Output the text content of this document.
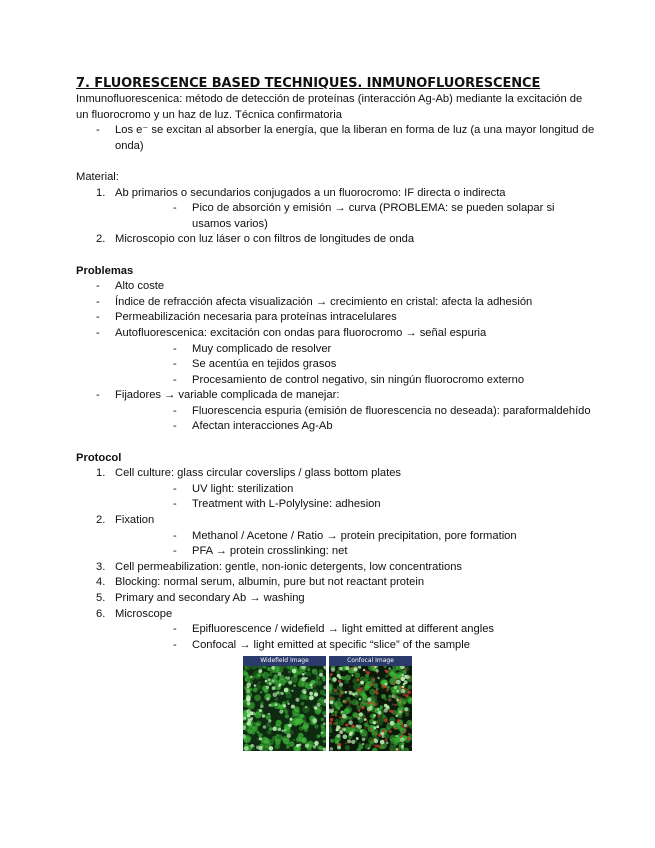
7. FLUORESCENCE BASED TECHNIQUES. INMUNOFLUORESCENCE

Inmunofluorescenica: método de detección de proteínas (interacción Ag-Ab) mediante la excitación de un fluorocromo y un haz de luz. Técnica confirmatoria

- Los e⁻ se excitan al absorber la energía, que la liberan en forma de luz (a una mayor longitud de onda)

Material:

1. Ab primarios o secundarios conjugados a un fluorocromo: IF directa o indirecta
- Pico de absorción y emisión → curva (PROBLEMA: se pueden solapar si usamos varios)
2. Microscopio con luz láser o con filtros de longitudes de onda

Problemas

- Alto coste
- Índice de refracción afecta visualización → crecimiento en cristal: afecta la adhesión
- Permeabilización necesaria para proteínas intracelulares
- Autofluorescenica: excitación con ondas para fluorocromo → señal espuria
- Muy complicado de resolver
- Se acentúa en tejidos grasos
- Procesamiento de control negativo, sin ningún fluorocromo externo
- Fijadores → variable complicada de manejar:
- Fluorescencia espuria (emisión de fluorescencia no deseada): paraformaldehído
- Afectan interacciones Ag-Ab

Protocol

1. Cell culture: glass circular coverslips / glass bottom plates
- UV light: sterilization
- Treatment with L-Polylysine: adhesion
2. Fixation
- Methanol / Acetone / Ratio → protein precipitation, pore formation
- PFA → protein crosslinking: net
3. Cell permeabilization: gentle, non-ionic detergents, low concentrations
4. Blocking: normal serum, albumin, pure but not reactant protein
5. Primary and secondary Ab → washing
6. Microscope
- Epifluorescence / widefield → light emitted at different angles
- Confocal → light emitted at specific “slice” of the sample
Widefield Image	Confocal Image
